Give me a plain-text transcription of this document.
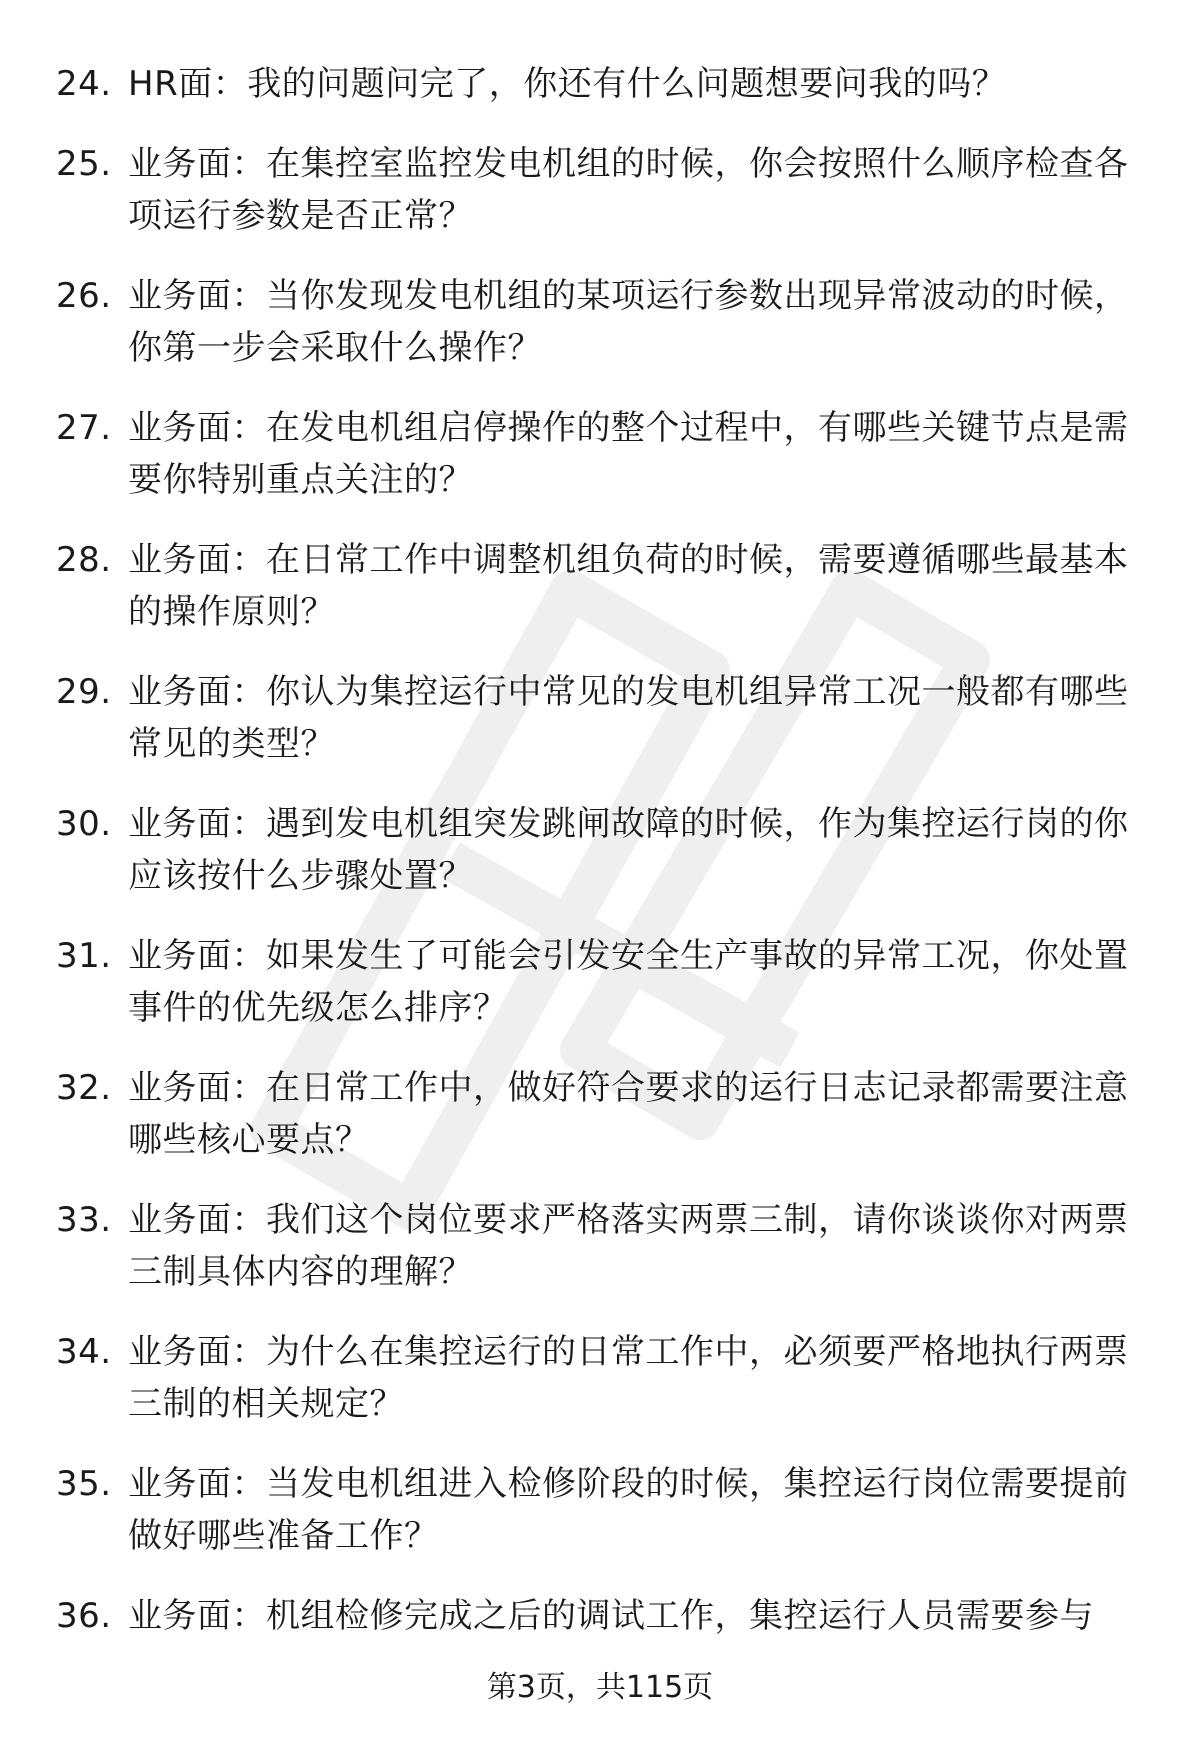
24. HR面：我的问题问完了，你还有什么问题想要问我的吗？
25. 业务面：在集控室监控发电机组的时候，你会按照什么顺序检查各项运行参数是否正常？
26. 业务面：当你发现发电机组的某项运行参数出现异常波动的时候，你第一步会采取什么操作？
27. 业务面：在发电机组启停操作的整个过程中，有哪些关键节点是需要你特别重点关注的？
28. 业务面：在日常工作中调整机组负荷的时候，需要遵循哪些最基本的操作原则？
29. 业务面：你认为集控运行中常见的发电机组异常工况一般都有哪些常见的类型？
30. 业务面：遇到发电机组突发跳闸故障的时候，作为集控运行岗的你应该按什么步骤处置？
31. 业务面：如果发生了可能会引发安全生产事故的异常工况，你处置事件的优先级怎么排序？
32. 业务面：在日常工作中，做好符合要求的运行日志记录都需要注意哪些核心要点？
33. 业务面：我们这个岗位要求严格落实两票三制，请你谈谈你对两票三制具体内容的理解？
34. 业务面：为什么在集控运行的日常工作中，必须要严格地执行两票三制的相关规定？
35. 业务面：当发电机组进入检修阶段的时候，集控运行岗位需要提前做好哪些准备工作？
36. 业务面：机组检修完成之后的调试工作，集控运行人员需要参与
第3页，共115页
